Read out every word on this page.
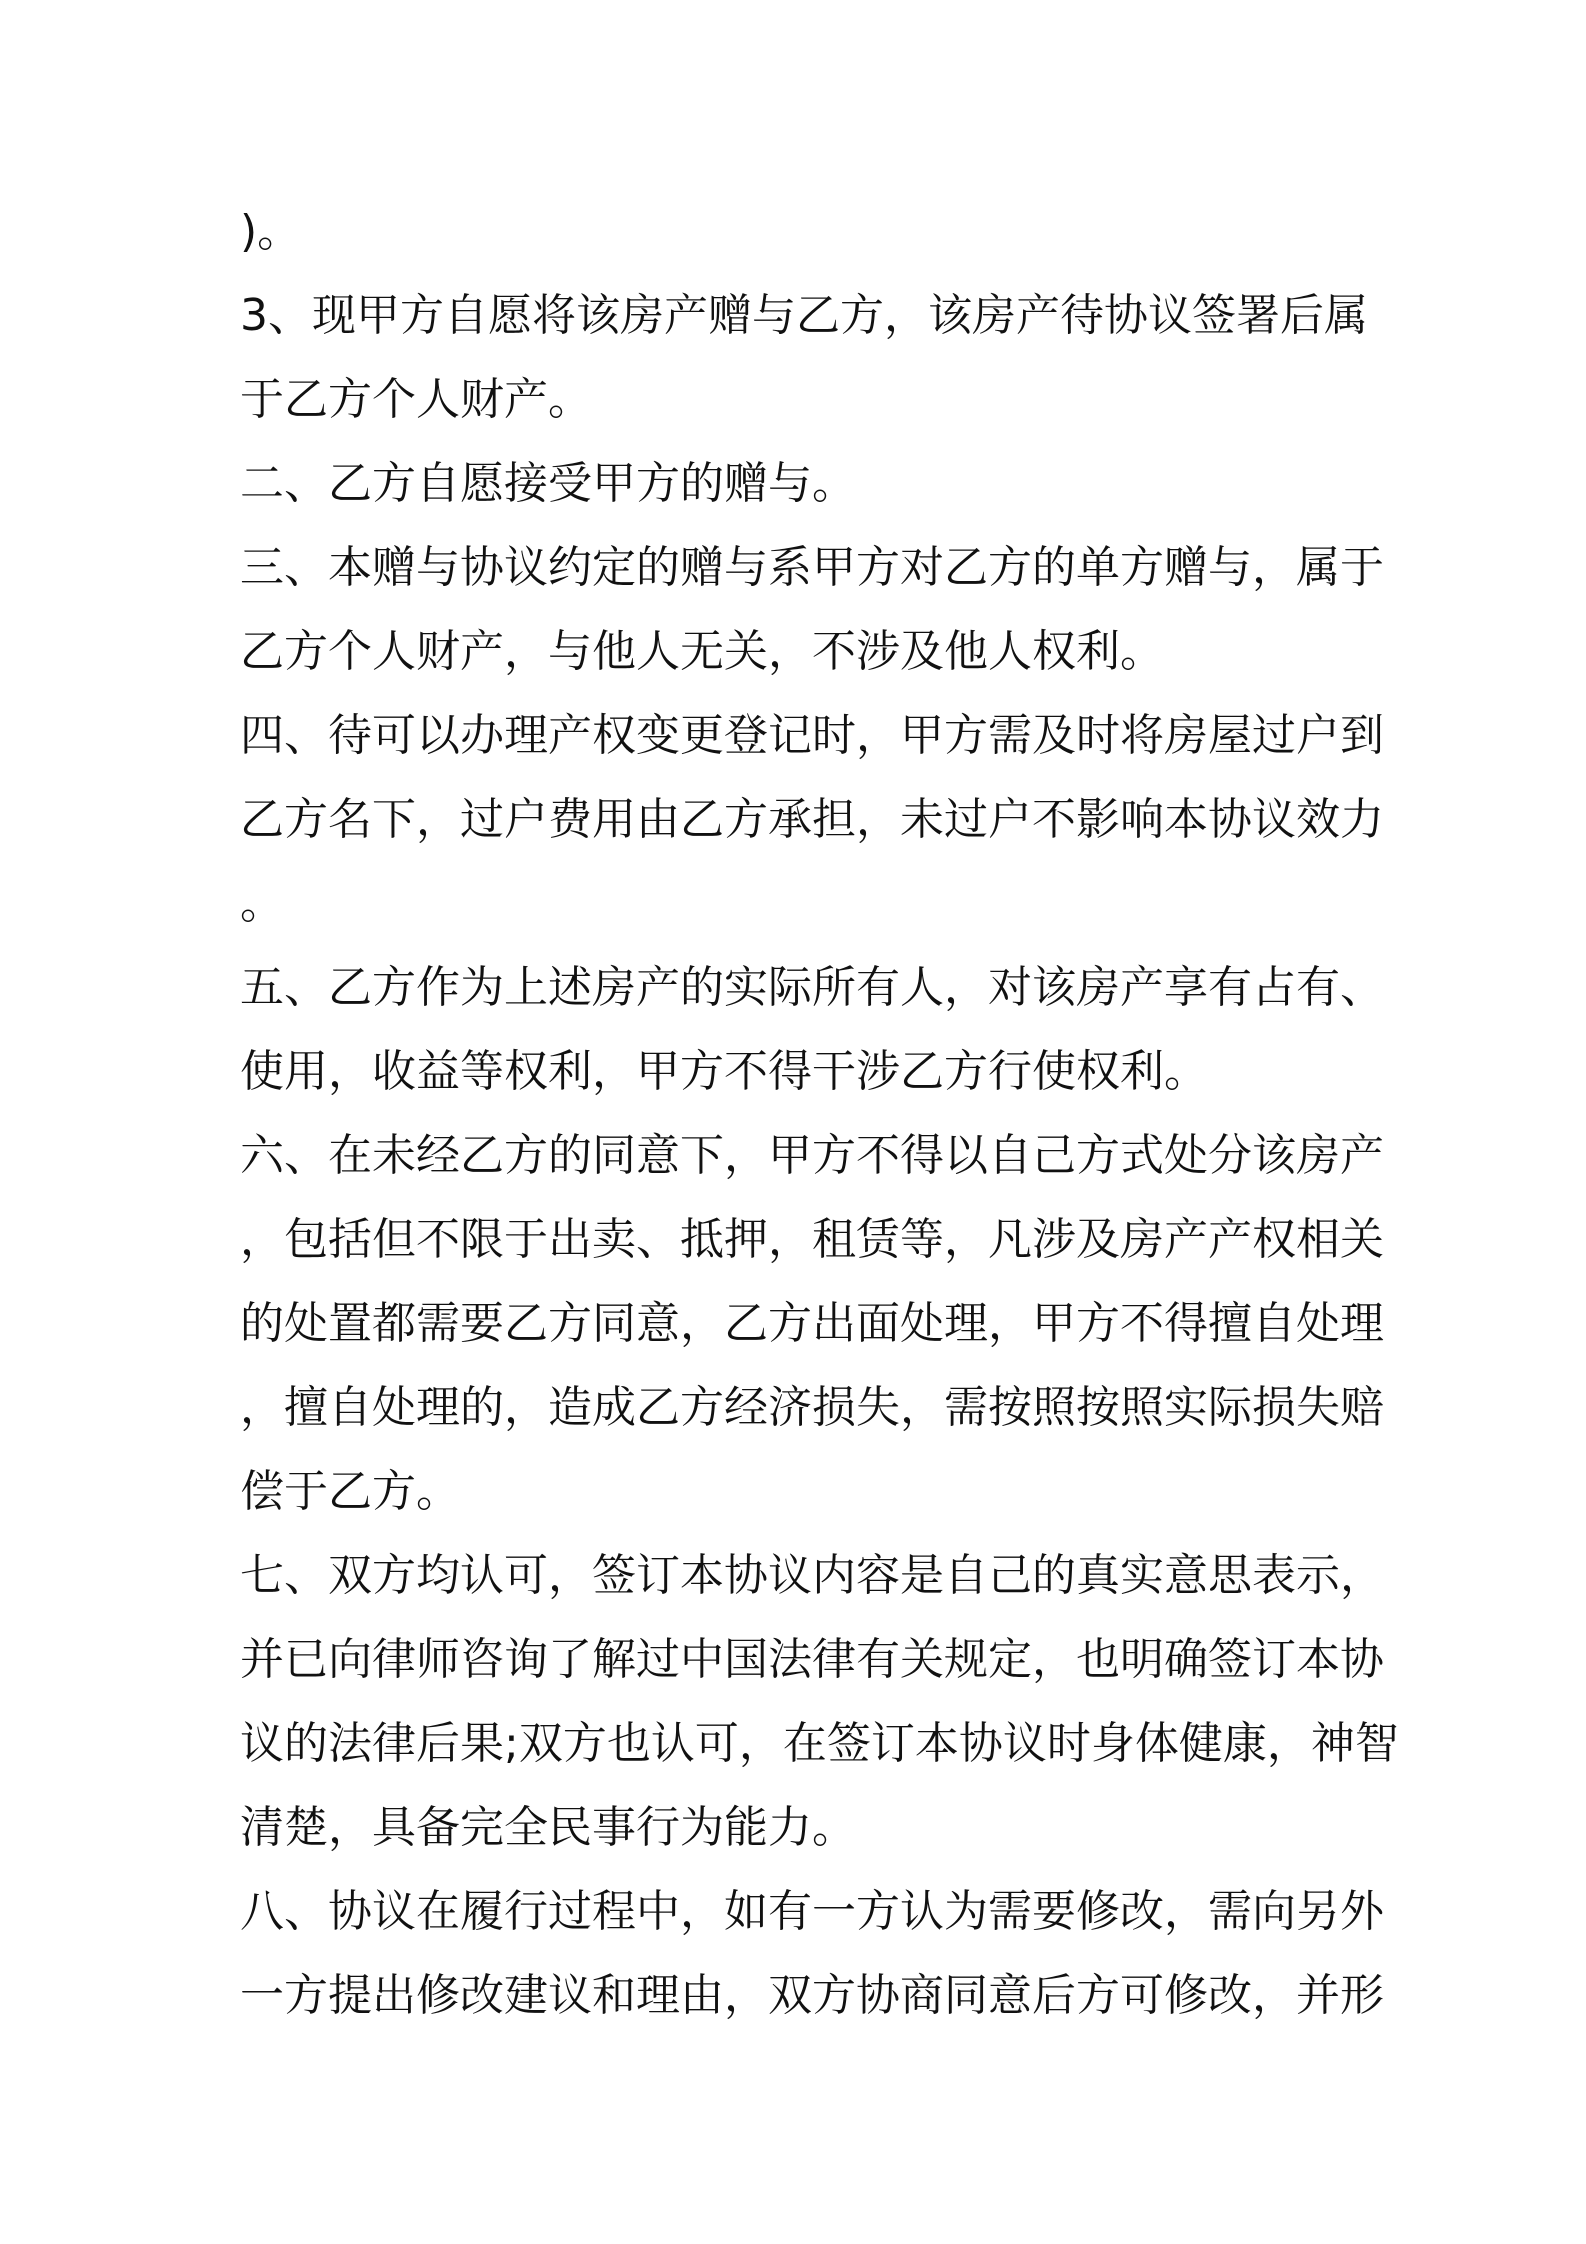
)。
3、现甲方自愿将该房产赠与乙方，该房产待协议签署后属
于乙方个人财产。
二、乙方自愿接受甲方的赠与。
三、本赠与协议约定的赠与系甲方对乙方的单方赠与，属于
乙方个人财产，与他人无关，不涉及他人权利。
四、待可以办理产权变更登记时，甲方需及时将房屋过户到
乙方名下，过户费用由乙方承担，未过户不影响本协议效力
。
五、乙方作为上述房产的实际所有人，对该房产享有占有、
使用，收益等权利，甲方不得干涉乙方行使权利。
六、在未经乙方的同意下，甲方不得以自己方式处分该房产
，包括但不限于出卖、抵押，租赁等，凡涉及房产产权相关
的处置都需要乙方同意，乙方出面处理，甲方不得擅自处理
，擅自处理的，造成乙方经济损失，需按照按照实际损失赔
偿于乙方。
七、双方均认可，签订本协议内容是自己的真实意思表示，
并已向律师咨询了解过中国法律有关规定，也明确签订本协
议的法律后果;双方也认可，在签订本协议时身体健康，神智
清楚，具备完全民事行为能力。
八、协议在履行过程中，如有一方认为需要修改，需向另外
一方提出修改建议和理由，双方协商同意后方可修改，并形
